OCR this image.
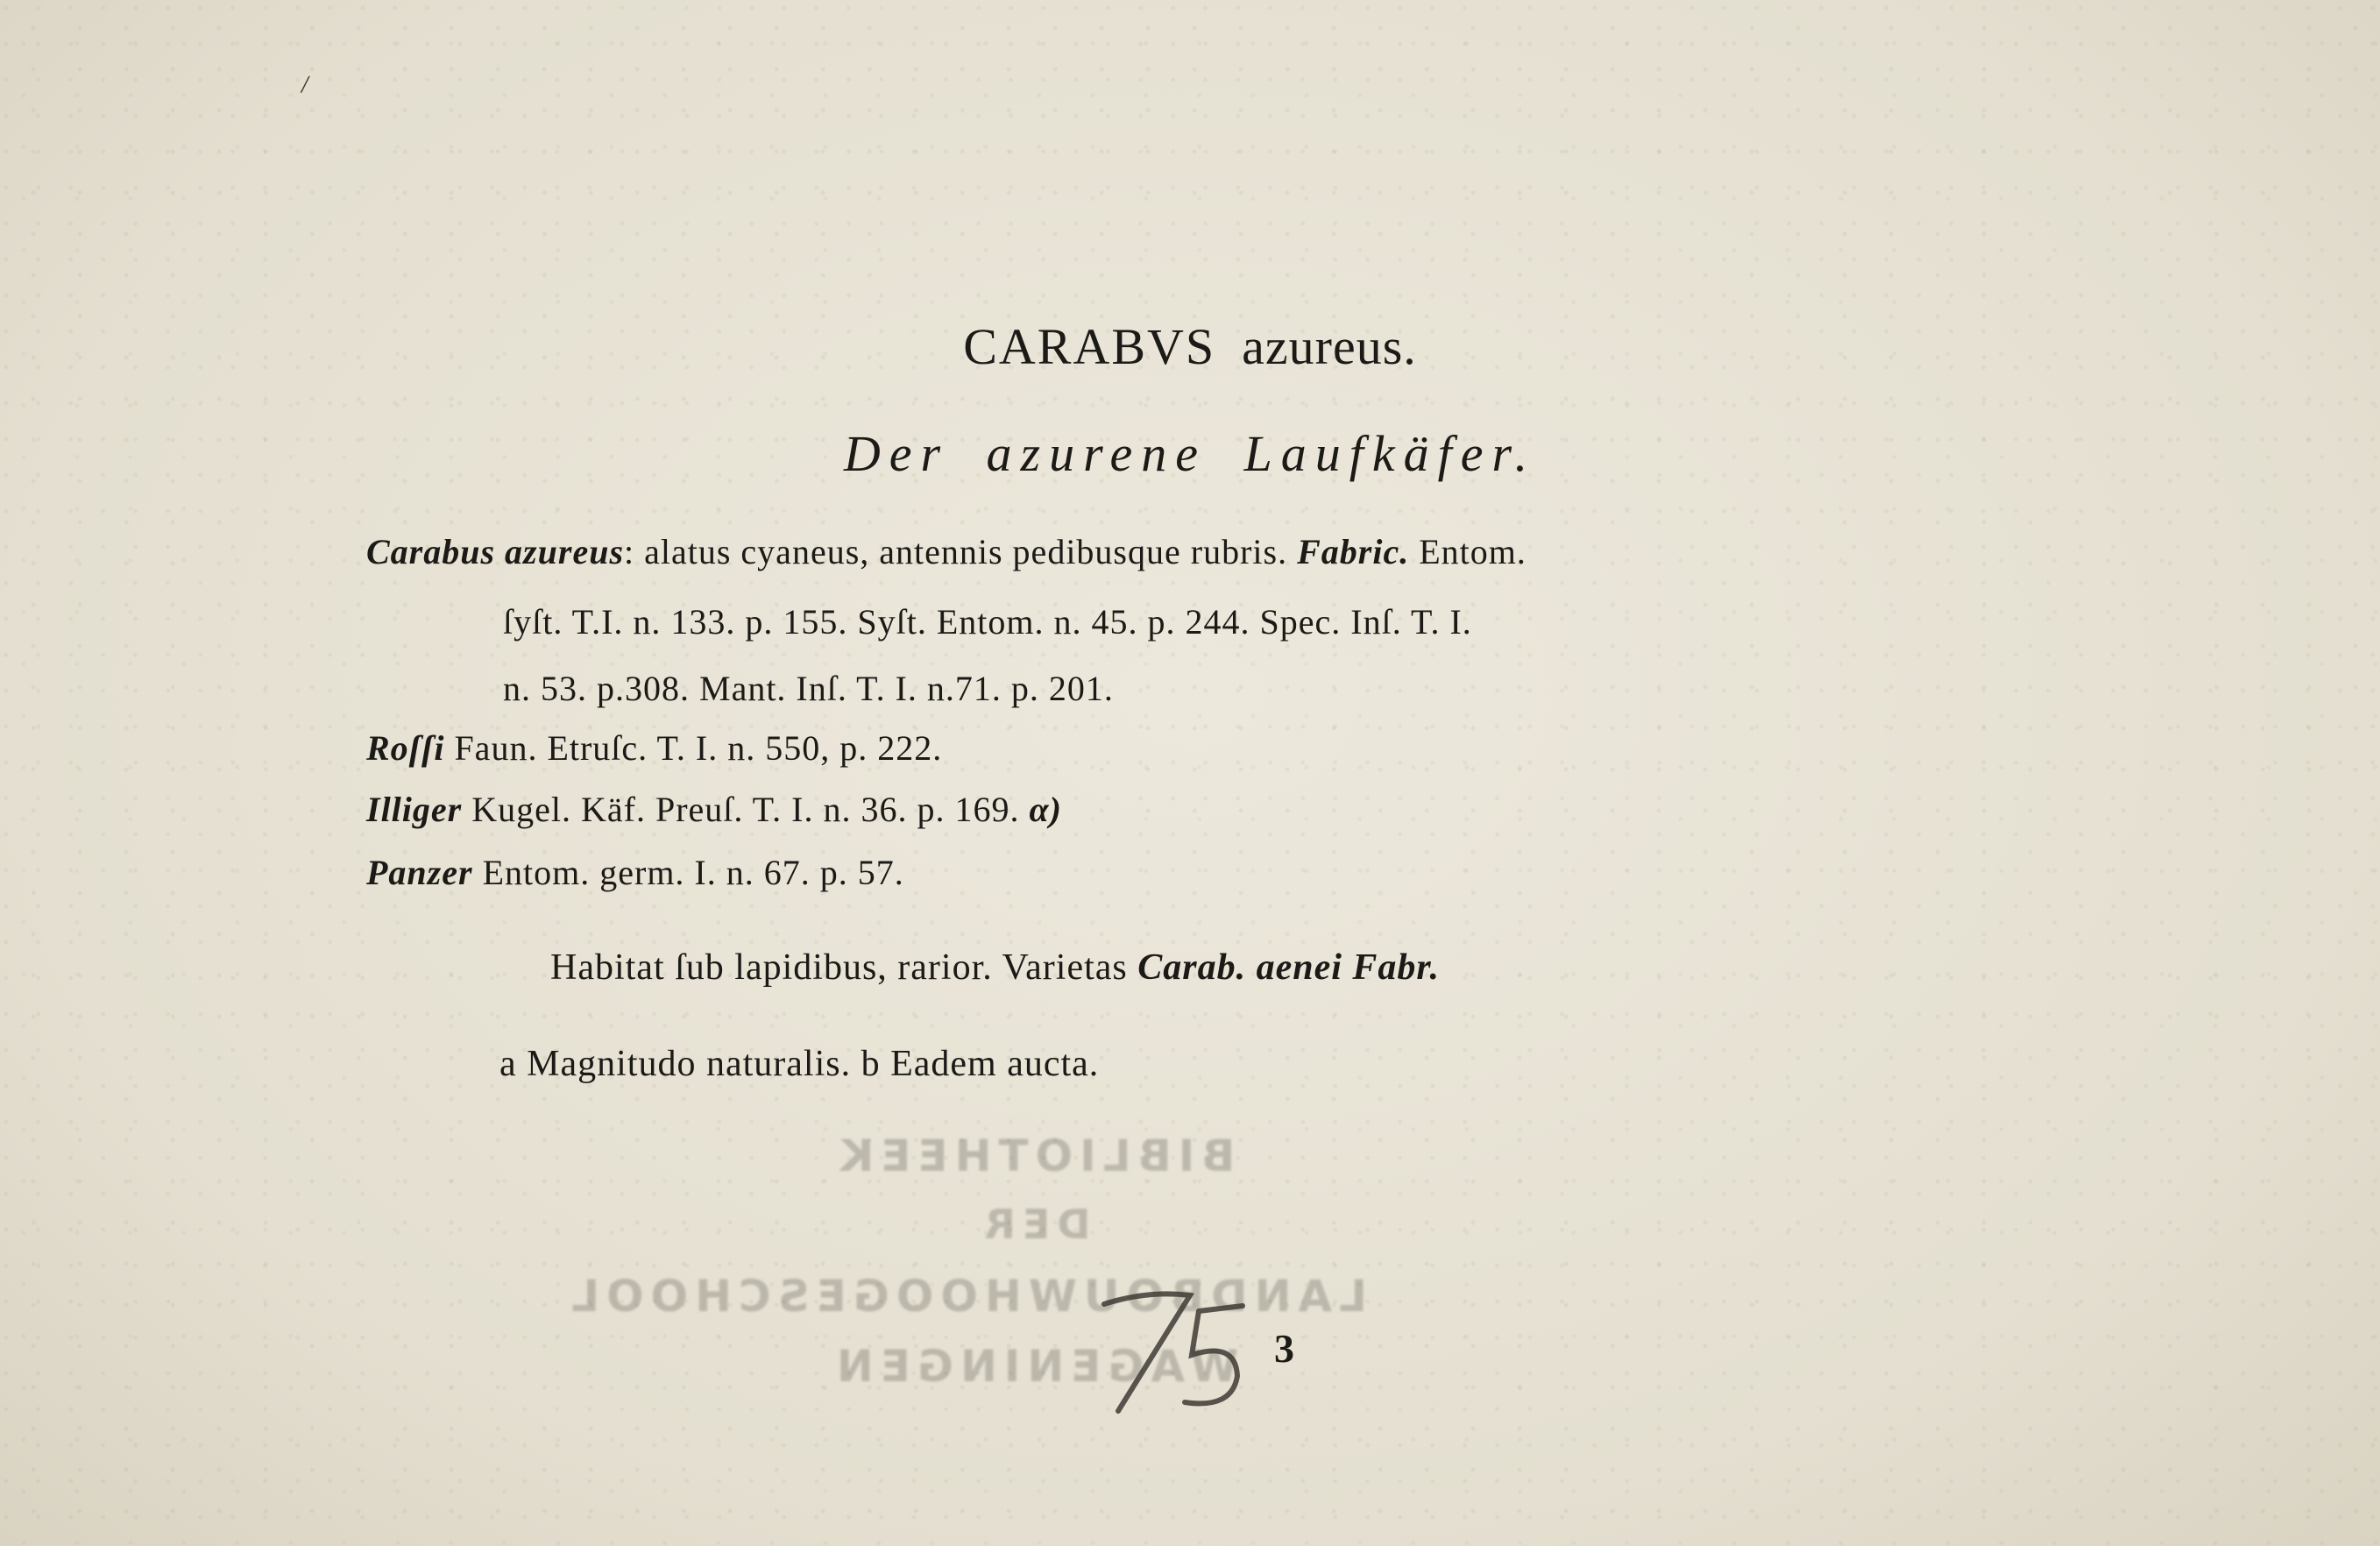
/
CARABVS azureus.
Der azurene Laufkäfer.
Carabus azureus: alatus cyaneus, antennis pedibusque rubris. Fabric. Entom.
ſyſt. T.I. n. 133. p. 155. Syſt. Entom. n. 45. p. 244. Spec. Inſ. T. I.
n. 53. p.308. Mant. Inſ. T. I. n.71. p. 201.
Roſſi Faun. Etruſc. T. I. n. 550, p. 222.
Illiger Kugel. Käf. Preuſ. T. I. n. 36. p. 169. α)
Panzer Entom. germ. I. n. 67. p. 57.
Habitat ſub lapidibus, rarior. Varietas Carab. aenei Fabr.
a Magnitudo naturalis. b Eadem aucta.
BIBLIOTHEEK
DER
LANDBOUWHOOGESCHOOL
WAGENINGEN 3
